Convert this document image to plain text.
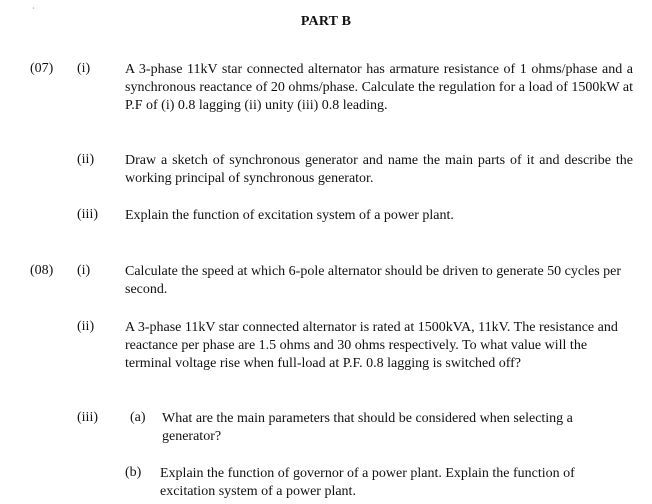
·
PART B
(07) (i) A 3-phase 11kV star connected alternator has armature resistance of 1 ohms/phase and a synchronous reactance of 20 ohms/phase. Calculate the regulation for a load of 1500kW at P.F of (i) 0.8 lagging (ii) unity (iii) 0.8 leading.
(ii) Draw a sketch of synchronous generator and name the main parts of it and describe the working principal of synchronous generator.
(iii) Explain the function of excitation system of a power plant.
(08) (i) Calculate the speed at which 6-pole alternator should be driven to generate 50 cycles per second.
(ii) A 3-phase 11kV star connected alternator is rated at 1500kVA, 11kV. The resistance and reactance per phase are 1.5 ohms and 30 ohms respectively. To what value will the terminal voltage rise when full-load at P.F. 0.8 lagging is switched off?
(iii) (a) What are the main parameters that should be considered when selecting a generator?
(b) Explain the function of governor of a power plant. Explain the function of excitation system of a power plant.
